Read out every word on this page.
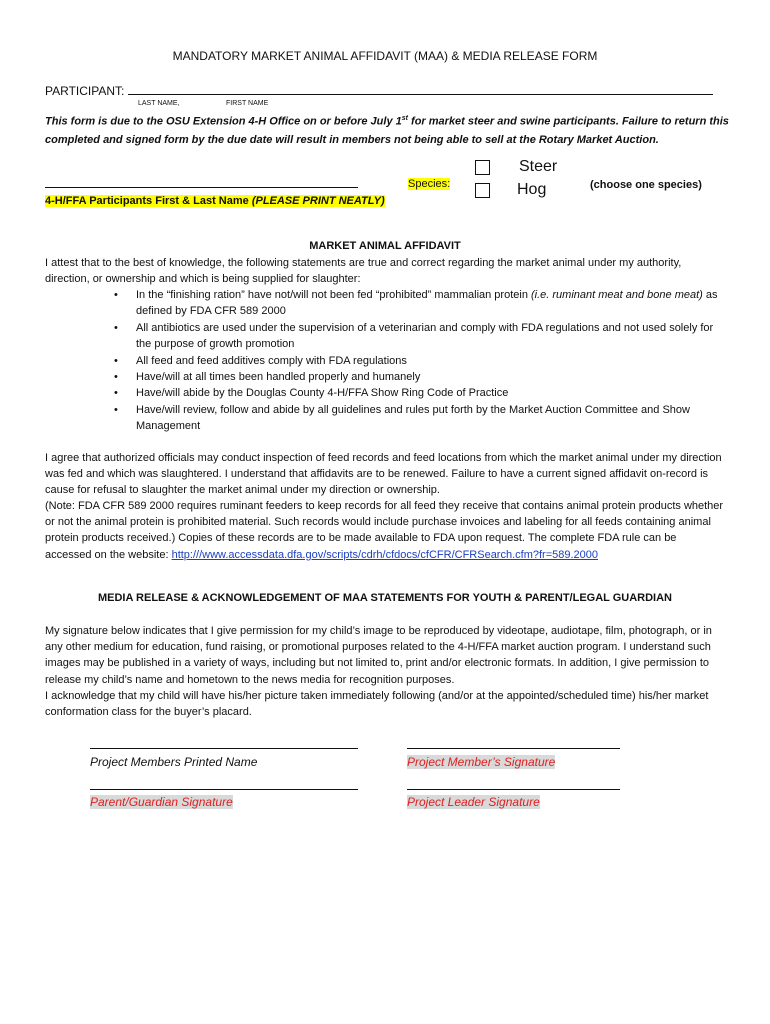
MANDATORY MARKET ANIMAL AFFIDAVIT (MAA) & MEDIA RELEASE FORM
PARTICIPANT:
LAST NAME,	FIRST NAME
This form is due to the OSU Extension 4-H Office on or before July 1st for market steer and swine participants. Failure to return this completed and signed form by the due date will result in members not being able to sell at the Rotary Market Auction.
4-H/FFA Participants First & Last Name (PLEASE PRINT NEATLY)
Species:
Steer
Hog	(choose one species)
MARKET ANIMAL AFFIDAVIT
I attest that to the best of knowledge, the following statements are true and correct regarding the market animal under my authority, direction, or ownership and which is being supplied for slaughter:
• In the “finishing ration” have not/will not been fed “prohibited” mammalian protein (i.e. ruminant meat and bone meat) as defined by FDA CFR 589 2000
• All antibiotics are used under the supervision of a veterinarian and comply with FDA regulations and not used solely for the purpose of growth promotion
• All feed and feed additives comply with FDA regulations
• Have/will at all times been handled properly and humanely
• Have/will abide by the Douglas County 4-H/FFA Show Ring Code of Practice
• Have/will review, follow and abide by all guidelines and rules put forth by the Market Auction Committee and Show Management
I agree that authorized officials may conduct inspection of feed records and feed locations from which the market animal under my direction was fed and which was slaughtered. I understand that affidavits are to be renewed. Failure to have a current signed affidavit on-record is cause for refusal to slaughter the market animal under my direction or ownership.
(Note: FDA CFR 589 2000 requires ruminant feeders to keep records for all feed they receive that contains animal protein products whether or not the animal protein is prohibited material. Such records would include purchase invoices and labeling for all feeds containing animal protein products received.) Copies of these records are to be made available to FDA upon request. The complete FDA rule can be accessed on the website: http:///www.accessdata.dfa.gov/scripts/cdrh/cfdocs/cfCFR/CFRSearch.cfm?fr=589.2000
MEDIA RELEASE & ACKNOWLEDGEMENT OF MAA STATEMENTS FOR YOUTH & PARENT/LEGAL GUARDIAN
My signature below indicates that I give permission for my child’s image to be reproduced by videotape, audiotape, film, photograph, or in any other medium for education, fund raising, or promotional purposes related to the 4-H/FFA market auction program. I understand such images may be published in a variety of ways, including but not limited to, print and/or electronic formats. In addition, I give permission to release my child’s name and hometown to the news media for recognition purposes.
I acknowledge that my child will have his/her picture taken immediately following (and/or at the appointed/scheduled time) his/her market conformation class for the buyer’s placard.
Project Members Printed Name	Project Member’s Signature
Parent/Guardian Signature	Project Leader Signature
